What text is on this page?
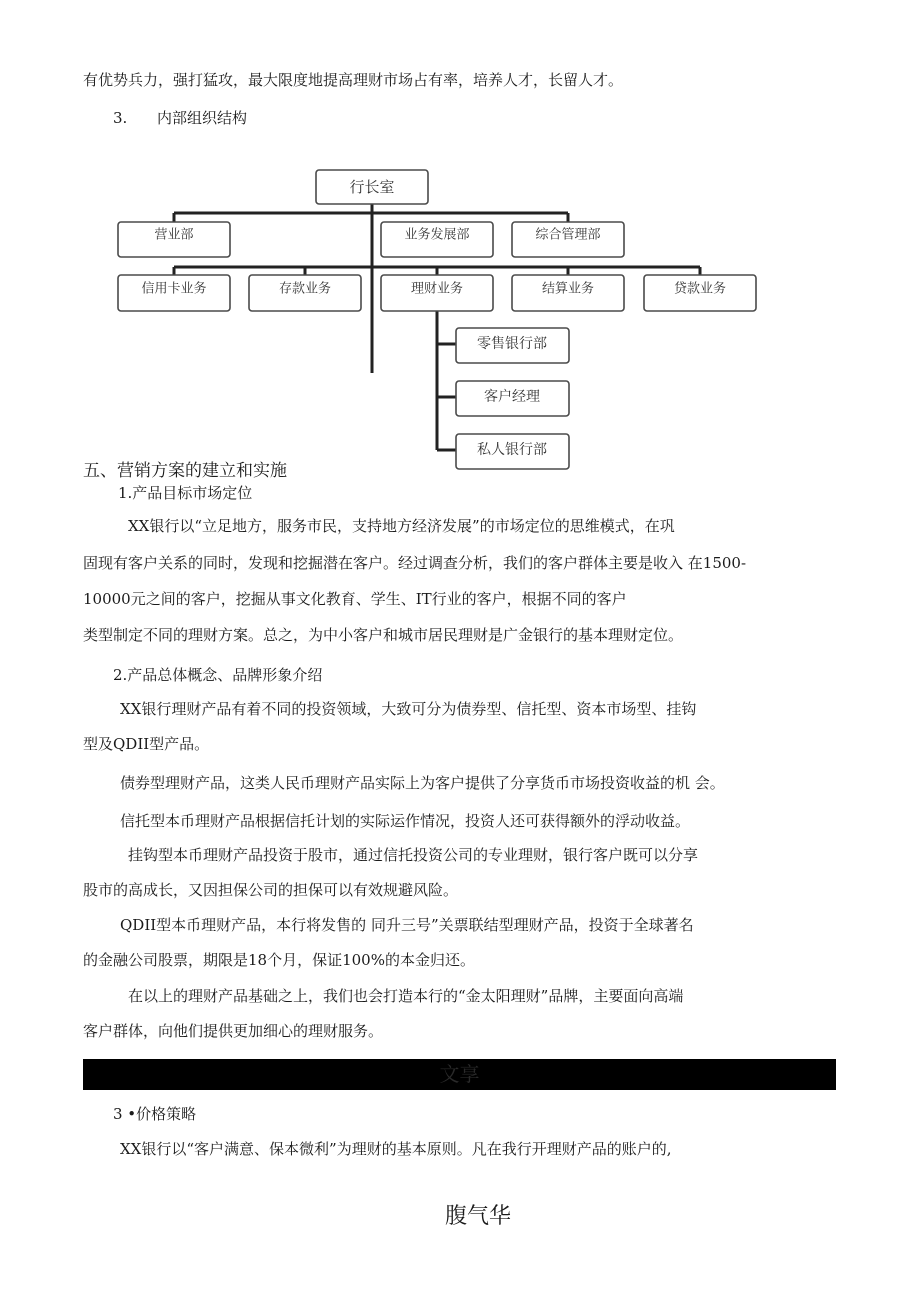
有优势兵力，强打猛攻，最大限度地提高理财市场占有率，培养人才，长留人才。
3. 内部组织结构
行长室
营业部	业务发展部	综合管理部
信用卡业务	存款业务	理财业务	结算业务	贷款业务
零售银行部
客户经理
私人银行部
五、营销方案的建立和实施
1.产品目标市场定位
XX银行以“立足地方，服务市民，支持地方经济发展”的市场定位的思维模式，在巩
固现有客户关系的同时，发现和挖掘潜在客户。经过调查分析，我们的客户群体主要是收入 在1500-
10000元之间的客户，挖掘从事文化教育、学生、IT行业的客户，根据不同的客户
类型制定不同的理财方案。总之，为中小客户和城市居民理财是广金银行的基本理财定位。
2.产品总体概念、品牌形象介绍
XX银行理财产品有着不同的投资领域，大致可分为债券型、信托型、资本市场型、挂钩
型及QDII型产品。
债券型理财产品，这类人民币理财产品实际上为客户提供了分享货币市场投资收益的机 会。
信托型本币理财产品根据信托计划的实际运作情况，投资人还可获得额外的浮动收益。
挂钩型本币理财产品投资于股市，通过信托投资公司的专业理财，银行客户既可以分享
股市的高成长，又因担保公司的担保可以有效规避风险。
QDII型本币理财产品，本行将发售的 同升三号”关票联结型理财产品，投资于全球著名
的金融公司股票，期限是18个月，保证100%的本金归还。
在以上的理财产品基础之上，我们也会打造本行的“金太阳理财”品牌，主要面向高端
客户群体，向他们提供更加细心的理财服务。
文享
3 •价格策略
XX银行以“客户满意、保本微利”为理财的基本原则。凡在我行开理财产品的账户的,
腹气华
